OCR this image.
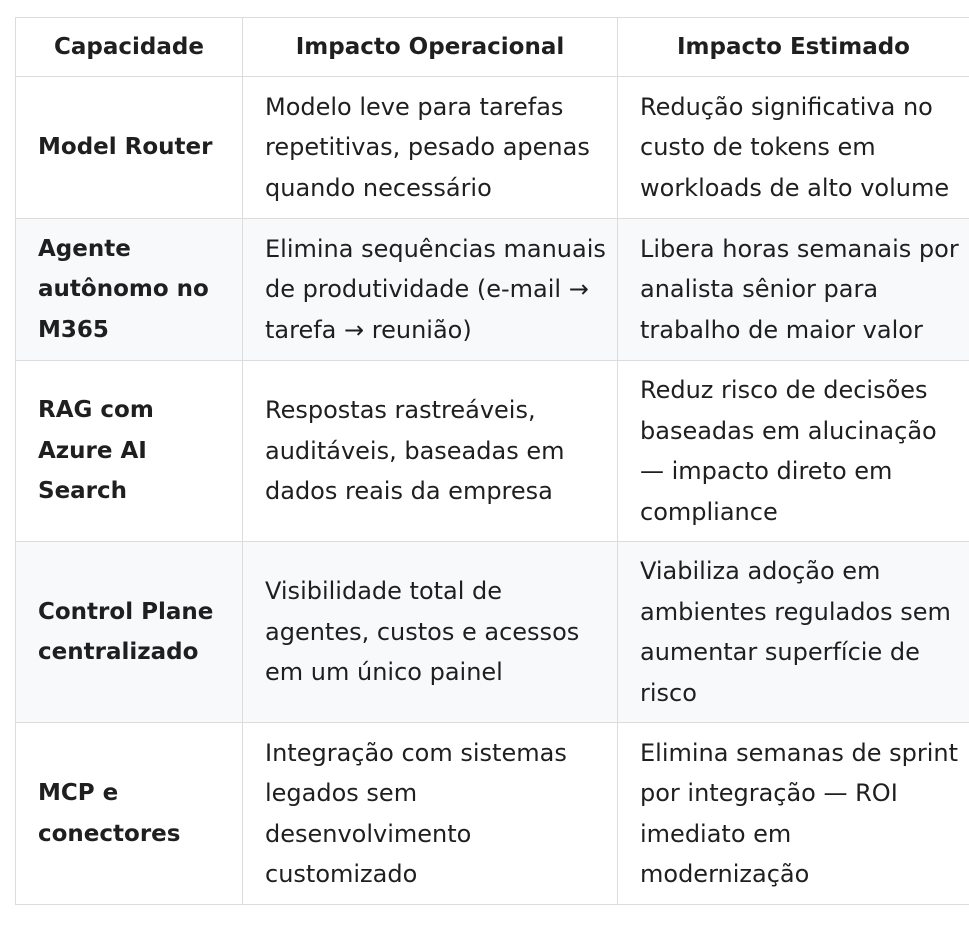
Capacidade	Impacto Operacional	Impacto Estimado
Model Router	Modelo leve para tarefas repetitivas, pesado apenas quando necessário	Redução significativa no custo de tokens em workloads de alto volume
Agente autônomo no M365	Elimina sequências manuais de produtividade (e-mail → tarefa → reunião)	Libera horas semanais por analista sênior para trabalho de maior valor
RAG com Azure AI Search	Respostas rastreáveis, auditáveis, baseadas em dados reais da empresa	Reduz risco de decisões baseadas em alucinação — impacto direto em compliance
Control Plane centralizado	Visibilidade total de agentes, custos e acessos em um único painel	Viabiliza adoção em ambientes regulados sem aumentar superfície de risco
MCP e conectores	Integração com sistemas legados sem desenvolvimento customizado	Elimina semanas de sprint por integração — ROI imediato em modernização
